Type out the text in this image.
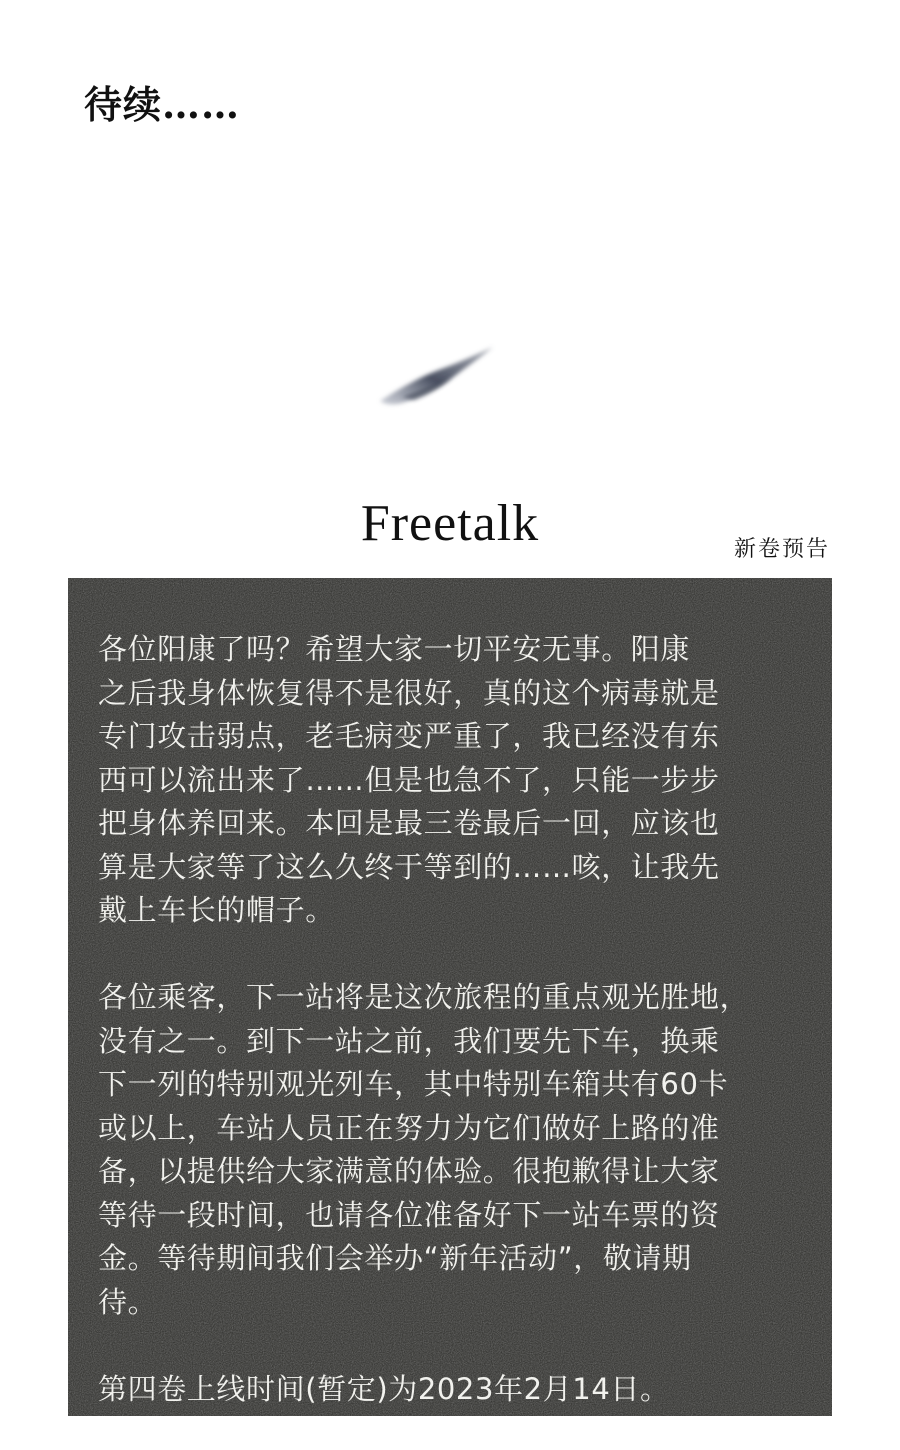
待续……
Freetalk	新卷预告

各位阳康了吗？希望大家一切平安无事。阳康
之后我身体恢复得不是很好，真的这个病毒就是
专门攻击弱点，老毛病变严重了，我已经没有东
西可以流出来了……但是也急不了，只能一步步
把身体养回来。本回是最三卷最后一回，应该也
算是大家等了这么久终于等到的……咳，让我先
戴上车长的帽子。

各位乘客，下一站将是这次旅程的重点观光胜地，
没有之一。到下一站之前，我们要先下车，换乘
下一列的特别观光列车，其中特别车箱共有60卡
或以上，车站人员正在努力为它们做好上路的准
备，以提供给大家满意的体验。很抱歉得让大家
等待一段时间，也请各位准备好下一站车票的资
金。等待期间我们会举办“新年活动”，敬请期
待。

第四卷上线时间(暂定)为2023年2月14日。
